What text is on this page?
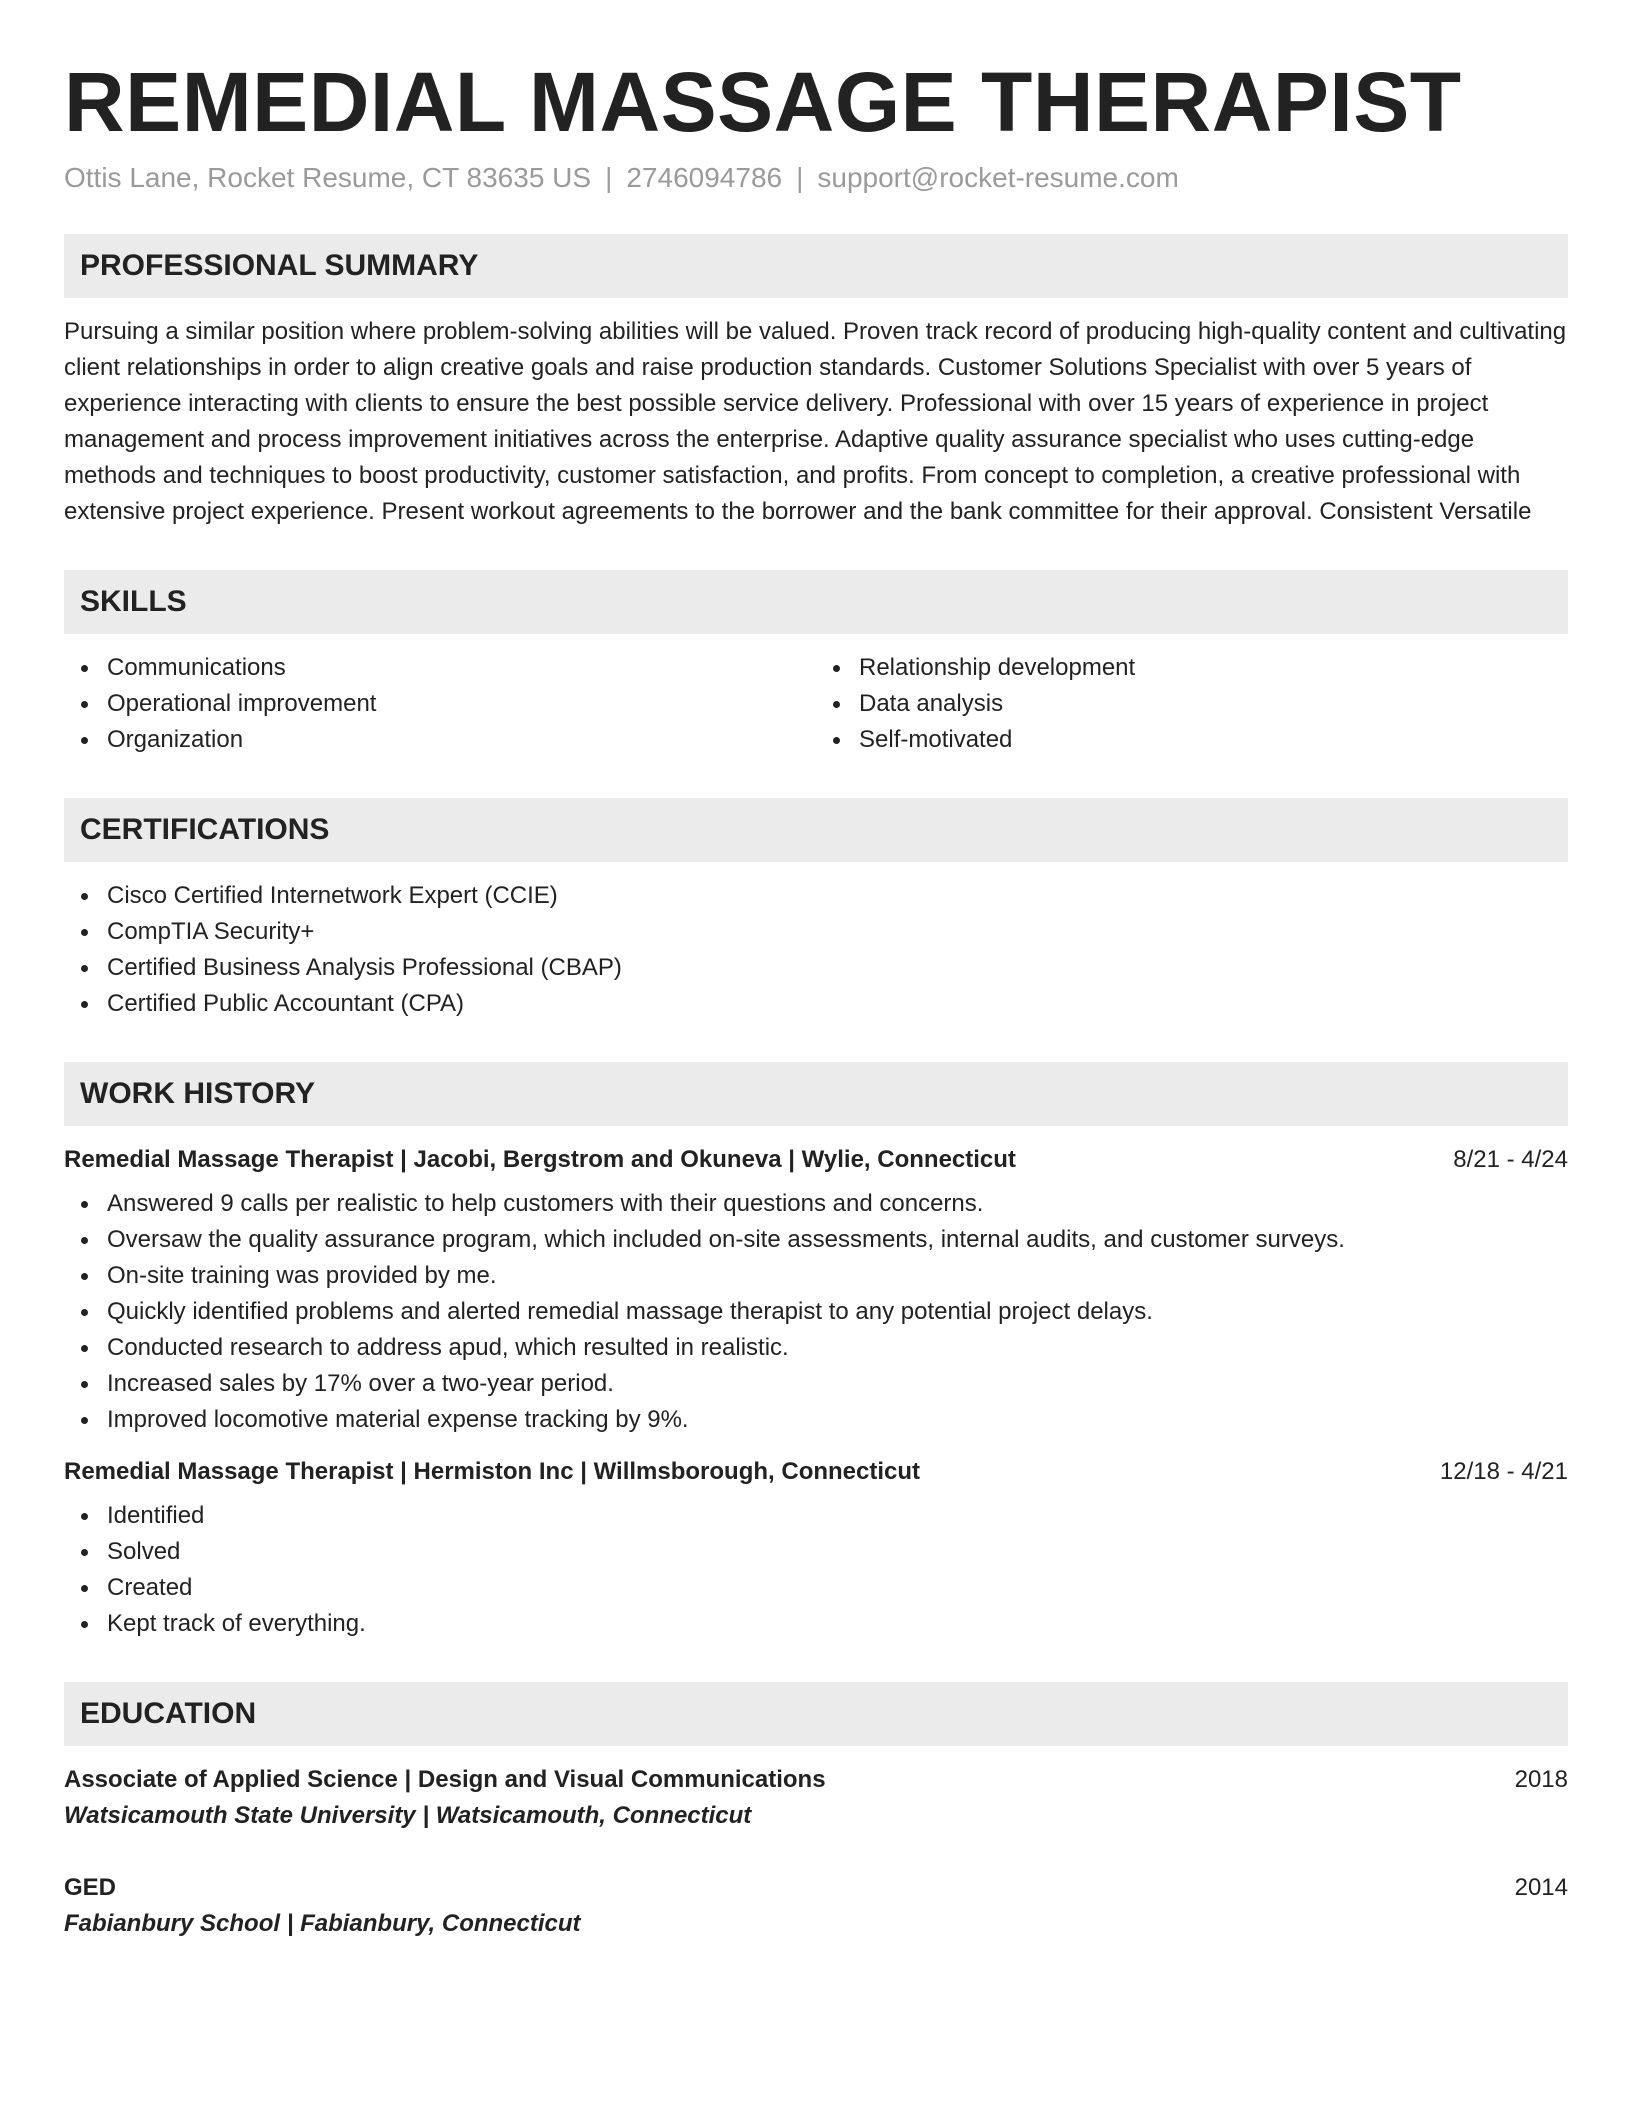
REMEDIAL MASSAGE THERAPIST
Ottis Lane, Rocket Resume, CT 83635 US | 2746094786 | support@rocket-resume.com
PROFESSIONAL SUMMARY

Pursuing a similar position where problem-solving abilities will be valued. Proven track record of producing high-quality content and cultivating client relationships in order to align creative goals and raise production standards. Customer Solutions Specialist with over 5 years of experience interacting with clients to ensure the best possible service delivery. Professional with over 15 years of experience in project management and process improvement initiatives across the enterprise. Adaptive quality assurance specialist who uses cutting-edge methods and techniques to boost productivity, customer satisfaction, and profits. From concept to completion, a creative professional with extensive project experience. Present workout agreements to the borrower and the bank committee for their approval. Consistent Versatile

SKILLS
Communications
Operational improvement
Organization
Relationship development
Data analysis
Self-motivated
CERTIFICATIONS
Cisco Certified Internetwork Expert (CCIE)
CompTIA Security+
Certified Business Analysis Professional (CBAP)
Certified Public Accountant (CPA)
WORK HISTORY
Remedial Massage Therapist | Jacobi, Bergstrom and Okuneva | Wylie, Connecticut	8/21 - 4/24
Answered 9 calls per realistic to help customers with their questions and concerns.
Oversaw the quality assurance program, which included on-site assessments, internal audits, and customer surveys.
On-site training was provided by me.
Quickly identified problems and alerted remedial massage therapist to any potential project delays.
Conducted research to address apud, which resulted in realistic.
Increased sales by 17% over a two-year period.
Improved locomotive material expense tracking by 9%.
Remedial Massage Therapist | Hermiston Inc | Willmsborough, Connecticut	12/18 - 4/21
Identified
Solved
Created
Kept track of everything.
EDUCATION
Associate of Applied Science | Design and Visual Communications	2018
Watsicamouth State University | Watsicamouth, Connecticut
GED	2014
Fabianbury School | Fabianbury, Connecticut
